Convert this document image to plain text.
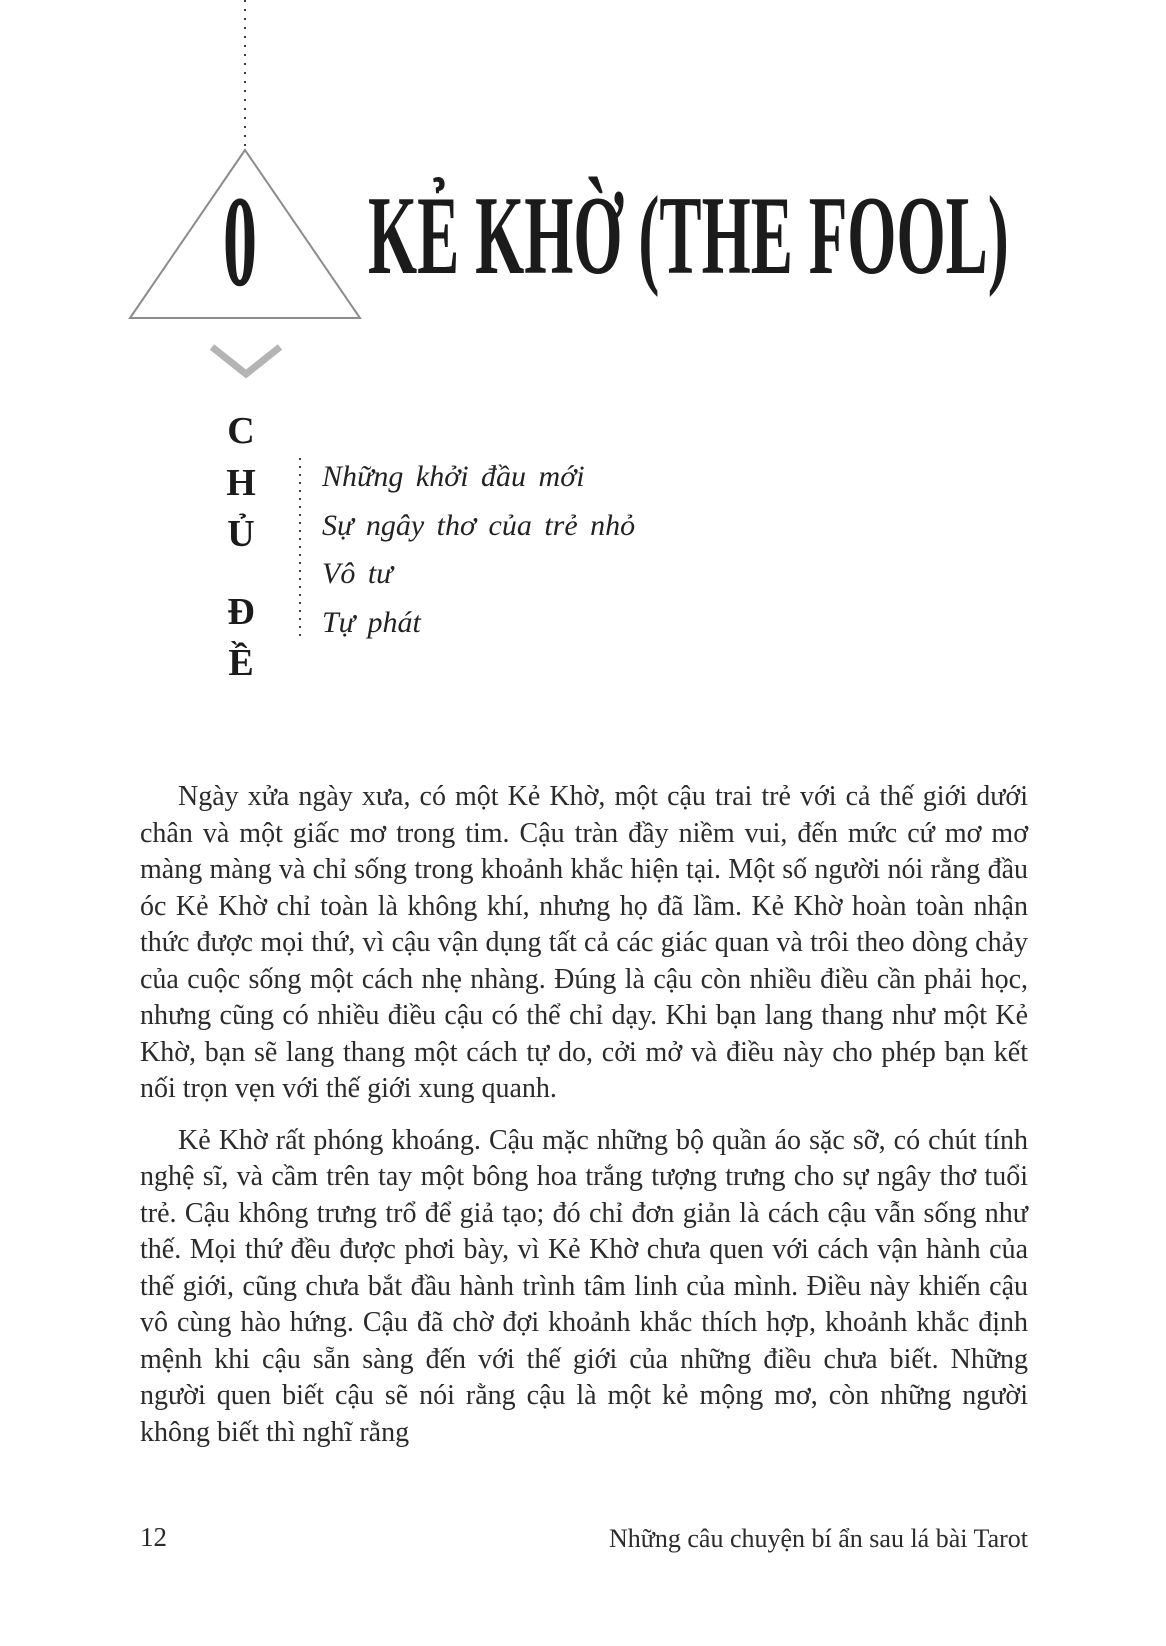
0 KẺ KHỜ (THE FOOL)
C
H
Ủ
Đ
Ề
Những khởi đầu mới
Sự ngây thơ của trẻ nhỏ
Vô tư
Tự phát

Ngày xửa ngày xưa, có một Kẻ Khờ, một cậu trai trẻ với cả thế giới dưới chân và một giấc mơ trong tim. Cậu tràn đầy niềm vui, đến mức cứ mơ mơ màng màng và chỉ sống trong khoảnh khắc hiện tại. Một số người nói rằng đầu óc Kẻ Khờ chỉ toàn là không khí, nhưng họ đã lầm. Kẻ Khờ hoàn toàn nhận thức được mọi thứ, vì cậu vận dụng tất cả các giác quan và trôi theo dòng chảy của cuộc sống một cách nhẹ nhàng. Đúng là cậu còn nhiều điều cần phải học, nhưng cũng có nhiều điều cậu có thể chỉ dạy. Khi bạn lang thang như một Kẻ Khờ, bạn sẽ lang thang một cách tự do, cởi mở và điều này cho phép bạn kết nối trọn vẹn với thế giới xung quanh.

Kẻ Khờ rất phóng khoáng. Cậu mặc những bộ quần áo sặc sỡ, có chút tính nghệ sĩ, và cầm trên tay một bông hoa trắng tượng trưng cho sự ngây thơ tuổi trẻ. Cậu không trưng trổ để giả tạo; đó chỉ đơn giản là cách cậu vẫn sống như thế. Mọi thứ đều được phơi bày, vì Kẻ Khờ chưa quen với cách vận hành của thế giới, cũng chưa bắt đầu hành trình tâm linh của mình. Điều này khiến cậu vô cùng hào hứng. Cậu đã chờ đợi khoảnh khắc thích hợp, khoảnh khắc định mệnh khi cậu sẵn sàng đến với thế giới của những điều chưa biết. Những người quen biết cậu sẽ nói rằng cậu là một kẻ mộng mơ, còn những người không biết thì nghĩ rằng

12	Những câu chuyện bí ẩn sau lá bài Tarot
